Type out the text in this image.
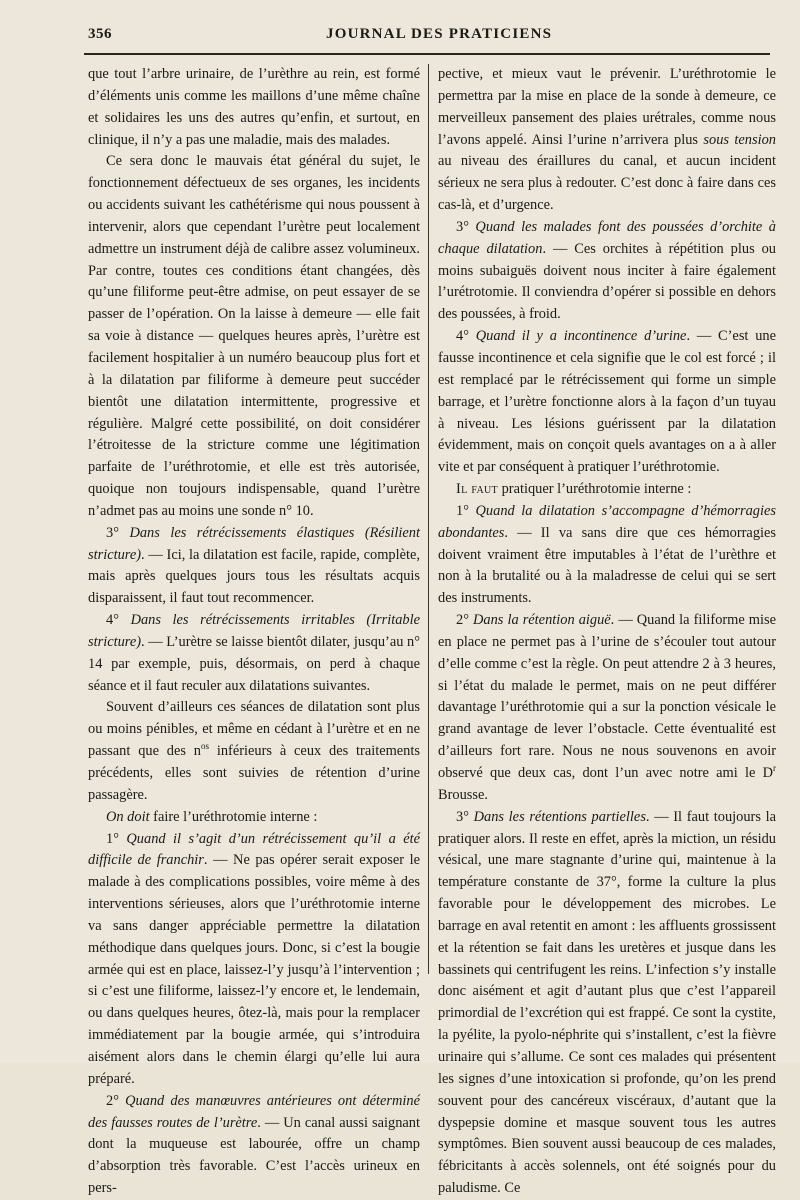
356	JOURNAL DES PRATICIENS

que tout l’arbre urinaire, de l’urèthre au rein, est formé d’éléments unis comme les maillons d’une même chaîne et solidaires les uns des autres qu’enfin, et surtout, en clinique, il n’y a pas une maladie, mais des malades.

Ce sera donc le mauvais état général du sujet, le fonctionnement défectueux de ses organes, les incidents ou accidents suivant les cathétérisme qui nous poussent à intervenir, alors que cependant l’urètre peut localement admettre un instrument déjà de calibre assez volumineux. Par contre, toutes ces conditions étant changées, dès qu’une filiforme peut-être admise, on peut essayer de se passer de l’opération. On la laisse à demeure — elle fait sa voie à distance — quelques heures après, l’urètre est facilement hospitalier à un numéro beaucoup plus fort et à la dilatation par filiforme à demeure peut succéder bientôt une dilatation intermittente, progressive et régulière. Malgré cette possibilité, on doit considérer l’étroitesse de la stricture comme une légitimation parfaite de l’uréthrotomie, et elle est très autorisée, quoique non toujours indispensable, quand l’urètre n’admet pas au moins une sonde n° 10.

3° Dans les rétrécissements élastiques (Résilient stricture). — Ici, la dilatation est facile, rapide, complète, mais après quelques jours tous les résultats acquis disparaissent, il faut tout recommencer.

4° Dans les rétrécissements irritables (Irritable stricture). — L’urètre se laisse bientôt dilater, jusqu’au n° 14 par exemple, puis, désormais, on perd à chaque séance et il faut reculer aux dilatations suivantes.

Souvent d’ailleurs ces séances de dilatation sont plus ou moins pénibles, et même en cédant à l’urètre et en ne passant que des $n^{os}$ inférieurs à ceux des traitements précédents, elles sont suivies de rétention d’urine passagère.

On doit faire l’uréthrotomie interne :

1° Quand il s’agit d’un rétrécissement qu’il a été difficile de franchir. — Ne pas opérer serait exposer le malade à des complications possibles, voire même à des interventions sérieuses, alors que l’uréthrotomie interne va sans danger appréciable permettre la dilatation méthodique dans quelques jours. Donc, si c’est la bougie armée qui est en place, laissez-l’y jusqu’à l’intervention ; si c’est une filiforme, laissez-l’y encore et, le lendemain, ou dans quelques heures, ôtez-là, mais pour la remplacer immédiatement par la bougie armée, qui s’introduira aisément alors dans le chemin élargi qu’elle lui aura préparé.

2° Quand des manœuvres antérieures ont déterminé des fausses routes de l’urètre. — Un canal aussi saignant dont la muqueuse est labourée, offre un champ d’absorption très favorable. C’est l’accès urineux en pers-

pective, et mieux vaut le prévenir. L’uréthrotomie le permettra par la mise en place de la sonde à demeure, ce merveilleux pansement des plaies urétrales, comme nous l’avons appelé. Ainsi l’urine n’arrivera plus sous tension au niveau des éraillures du canal, et aucun incident sérieux ne sera plus à redouter. C’est donc à faire dans ces cas-là, et d’urgence.

3° Quand les malades font des poussées d’orchite à chaque dilatation. — Ces orchites à répétition plus ou moins subaiguës doivent nous inciter à faire également l’urétrotomie. Il conviendra d’opérer si possible en dehors des poussées, à froid.

4° Quand il y a incontinence d’urine. — C’est une fausse incontinence et cela signifie que le col est forcé ; il est remplacé par le rétrécissement qui forme un simple barrage, et l’urètre fonctionne alors à la façon d’un tuyau à niveau. Les lésions guérissent par la dilatation évidemment, mais on conçoit quels avantages on a à aller vite et par conséquent à pratiquer l’uréthrotomie.

Il faut pratiquer l’uréthrotomie interne :

1° Quand la dilatation s’accompagne d’hémorragies abondantes. — Il va sans dire que ces hémorragies doivent vraiment être imputables à l’état de l’urèthre et non à la brutalité ou à la maladresse de celui qui se sert des instruments.

2° Dans la rétention aiguë. — Quand la filiforme mise en place ne permet pas à l’urine de s’écouler tout autour d’elle comme c’est la règle. On peut attendre 2 à 3 heures, si l’état du malade le permet, mais on ne peut différer davantage l’uréthrotomie qui a sur la ponction vésicale le grand avantage de lever l’obstacle. Cette éventualité est d’ailleurs fort rare. Nous ne nous souvenons en avoir observé que deux cas, dont l’un avec notre ami le $D^r$ Brousse.

3° Dans les rétentions partielles. — Il faut toujours la pratiquer alors. Il reste en effet, après la miction, un résidu vésical, une mare stagnante d’urine qui, maintenue à la température constante de 37°, forme la culture la plus favorable pour le développement des microbes. Le barrage en aval retentit en amont : les affluents grossissent et la rétention se fait dans les uretères et jusque dans les bassinets qui centrifugent les reins. L’infection s’y installe donc aisément et agit d’autant plus que c’est l’appareil primordial de l’excrétion qui est frappé. Ce sont la cystite, la pyélite, la pyolo-néphrite qui s’installent, c’est la fièvre urinaire qui s’allume. Ce sont ces malades qui présentent les signes d’une intoxication si profonde, qu’on les prend souvent pour des cancéreux viscéraux, d’autant que la dyspepsie domine et masque souvent tous les autres symptômes. Bien souvent aussi beaucoup de ces malades, fébricitants à accès solennels, ont été soignés pour du paludisme. Ce
